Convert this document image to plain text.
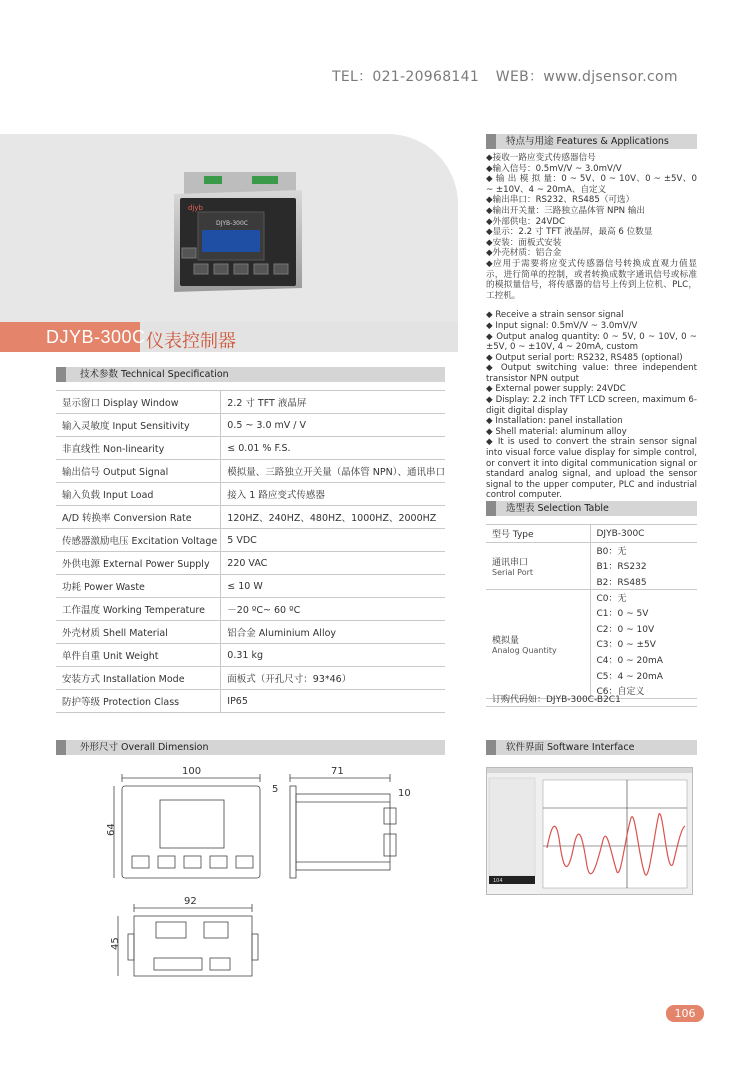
TEL：021-20968141 WEB：www.djsensor.com
djyb
DJYB-300C
DJYB-300C 仪表控制器
技术参数 Technical Specification
显示窗口 Display Window	2.2 寸 TFT 液晶屏
输入灵敏度 Input Sensitivity	0.5 ~ 3.0 mV / V
非直线性 Non-linearity	≤ 0.01 % F.S.
输出信号 Output Signal	模拟量、三路独立开关量（晶体管 NPN）、通讯串口
输入负载 Input Load	接入 1 路应变式传感器
A/D 转换率 Conversion Rate	120HZ、240HZ、480HZ、1000HZ、2000HZ
传感器激励电压 Excitation Voltage	5 VDC
外供电源 External Power Supply	220 VAC
功耗 Power Waste	≤ 10 W
工作温度 Working Temperature	－20 ºC~ 60 ºC
外壳材质 Shell Material	铝合金 Aluminium Alloy
单件自重 Unit Weight	0.31 kg
安装方式 Installation Mode	面板式（开孔尺寸：93*46）
防护等级 Protection Class	IP65
特点与用途 Features & Applications
◆接收一路应变式传感器信号
◆输入信号：0.5mV/V ~ 3.0mV/V
◆ 输 出 模 拟 量：0 ~ 5V、0 ~ 10V、0 ~ ±5V、0 ~ ±10V、4 ~ 20mA、自定义
◆输出串口：RS232、RS485（可选）
◆输出开关量：三路独立晶体管 NPN 输出
◆外部供电：24VDC
◆显示：2.2 寸 TFT 液晶屏，最高 6 位数显
◆安装：面板式安装
◆外壳材质：铝合金
◆应用于需要将应变式传感器信号转换成直观力值显示，进行简单的控制，或者转换成数字通讯信号或标准的模拟量信号，将传感器的信号上传到上位机、PLC，工控机。
◆ Receive a strain sensor signal
◆ Input signal: 0.5mV/V ~ 3.0mV/V
◆ Output analog quantity: 0 ~ 5V, 0 ~ 10V, 0 ~ ±5V, 0 ~ ±10V, 4 ~ 20mA, custom
◆ Output serial port: RS232, RS485 (optional)
◆ Output switching value: three independent transistor NPN output
◆ External power supply: 24VDC
◆ Display: 2.2 inch TFT LCD screen, maximum 6-digit digital display
◆ Installation: panel installation
◆ Shell material: aluminum alloy
◆ It is used to convert the strain sensor signal into visual force value display for simple control, or convert it into digital communication signal or standard analog signal, and upload the sensor signal to the upper computer, PLC and industrial control computer.
选型表 Selection Table
型号 Type	DJYB-300C

通讯串口
Serial Port	B0：无
	B1：RS232
	B2：RS485

模拟量
Analog Quantity	C0：无
	C1：0 ~ 5V
	C2：0 ~ 10V
	C3：0 ~ ±5V
	C4：0 ~ 20mA
	C5：4 ~ 20mA
	C6：自定义
订购代码如：DJYB-300C-B2C1
外形尺寸 Overall Dimension
100
64
71
5	10
92
45
软件界面 Software Interface
104
106
